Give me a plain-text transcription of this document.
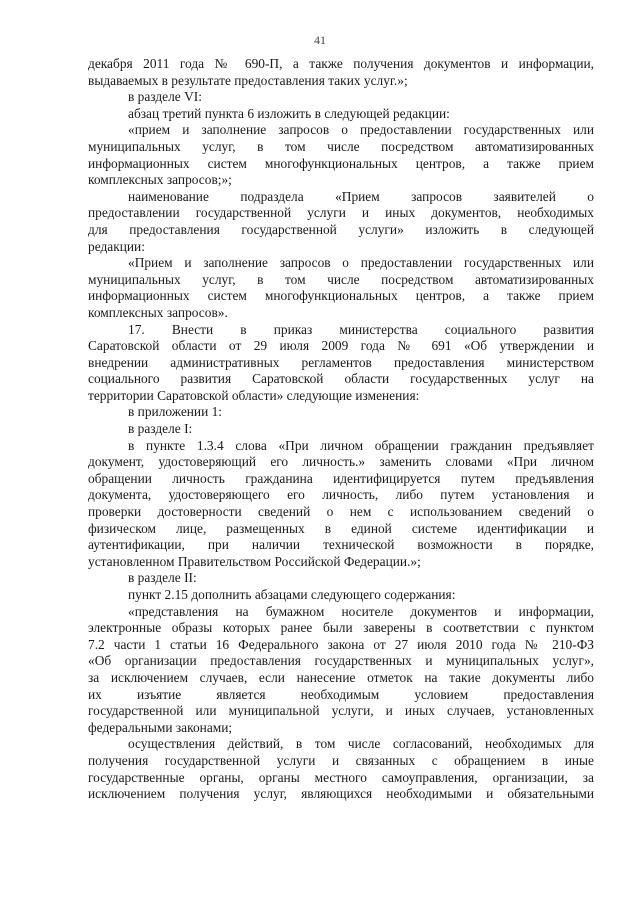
41
декабря 2011 года № 690-П, а также получения документов и информации,
выдаваемых в результате предоставления таких услуг.»;
в разделе VI:
абзац третий пункта 6 изложить в следующей редакции:
«прием и заполнение запросов о предоставлении государственных или
муниципальных услуг, в том числе посредством автоматизированных
информационных систем многофункциональных центров, а также прием
комплексных запросов;»;
наименование подраздела «Прием запросов заявителей о
предоставлении государственной услуги и иных документов, необходимых
для предоставления государственной услуги» изложить в следующей
редакции:
«Прием и заполнение запросов о предоставлении государственных или
муниципальных услуг, в том числе посредством автоматизированных
информационных систем многофункциональных центров, а также прием
комплексных запросов».
17. Внести в приказ министерства социального развития
Саратовской области от 29 июля 2009 года № 691 «Об утверждении и
внедрении административных регламентов предоставления министерством
социального развития Саратовской области государственных услуг на
территории Саратовской области» следующие изменения:
в приложении 1:
в разделе I:
в пункте 1.3.4 слова «При личном обращении гражданин предъявляет
документ, удостоверяющий его личность.» заменить словами «При личном
обращении личность гражданина идентифицируется путем предъявления
документа, удостоверяющего его личность, либо путем установления и
проверки достоверности сведений о нем с использованием сведений о
физическом лице, размещенных в единой системе идентификации и
аутентификации, при наличии технической возможности в порядке,
установленном Правительством Российской Федерации.»;
в разделе II:
пункт 2.15 дополнить абзацами следующего содержания:
«представления на бумажном носителе документов и информации,
электронные образы которых ранее были заверены в соответствии с пунктом
7.2 части 1 статьи 16 Федерального закона от 27 июля 2010 года № 210-ФЗ
«Об организации предоставления государственных и муниципальных услуг»,
за исключением случаев, если нанесение отметок на такие документы либо
их изъятие является необходимым условием предоставления
государственной или муниципальной услуги, и иных случаев, установленных
федеральными законами;
осуществления действий, в том числе согласований, необходимых для
получения государственной услуги и связанных с обращением в иные
государственные органы, органы местного самоуправления, организации, за
исключением получения услуг, являющихся необходимыми и обязательными
